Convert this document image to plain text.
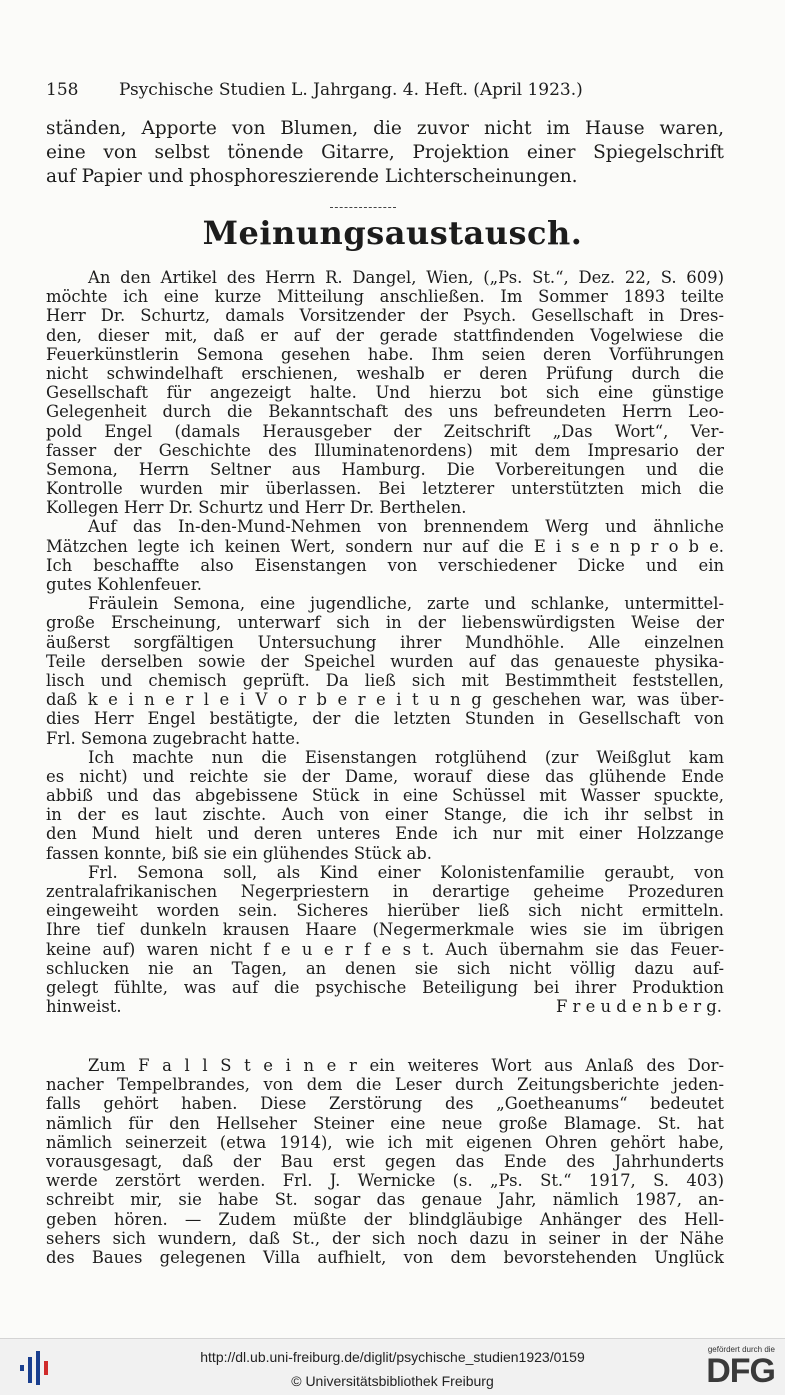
158 Psychische Studien L. Jahrgang. 4. Heft. (April 1923.)
ständen, Apporte von Blumen, die zuvor nicht im Hause waren,
eine von selbst tönende Gitarre, Projektion einer Spiegelschrift
auf Papier und phosphoreszierende Lichterscheinungen.
Meinungsaustausch.
An den Artikel des Herrn R. Dangel, Wien, („Ps. St.“, Dez. 22, S. 609)
möchte ich eine kurze Mitteilung anschließen. Im Sommer 1893 teilte
Herr Dr. Schurtz, damals Vorsitzender der Psych. Gesellschaft in Dres-
den, dieser mit, daß er auf der gerade stattfindenden Vogelwiese die
Feuerkünstlerin Semona gesehen habe. Ihm seien deren Vorführungen
nicht schwindelhaft erschienen, weshalb er deren Prüfung durch die
Gesellschaft für angezeigt halte. Und hierzu bot sich eine günstige
Gelegenheit durch die Bekanntschaft des uns befreundeten Herrn Leo-
pold Engel (damals Herausgeber der Zeitschrift „Das Wort“, Ver-
fasser der Geschichte des Illuminatenordens) mit dem Impresario der
Semona, Herrn Seltner aus Hamburg. Die Vorbereitungen und die
Kontrolle wurden mir überlassen. Bei letzterer unterstützten mich die
Kollegen Herr Dr. Schurtz und Herr Dr. Berthelen.
Auf das In-den-Mund-Nehmen von brennendem Werg und ähnliche
Mätzchen legte ich keinen Wert, sondern nur auf die E i s e n p r o b e.
Ich beschaffte also Eisenstangen von verschiedener Dicke und ein
gutes Kohlenfeuer.
Fräulein Semona, eine jugendliche, zarte und schlanke, untermittel-
große Erscheinung, unterwarf sich in der liebenswürdigsten Weise der
äußerst sorgfältigen Untersuchung ihrer Mundhöhle. Alle einzelnen
Teile derselben sowie der Speichel wurden auf das genaueste physika-
lisch und chemisch geprüft. Da ließ sich mit Bestimmtheit feststellen,
daß k e i n e r l e i V o r b e r e i t u n g geschehen war, was über-
dies Herr Engel bestätigte, der die letzten Stunden in Gesellschaft von
Frl. Semona zugebracht hatte.
Ich machte nun die Eisenstangen rotglühend (zur Weißglut kam
es nicht) und reichte sie der Dame, worauf diese das glühende Ende
abbiß und das abgebissene Stück in eine Schüssel mit Wasser spuckte,
in der es laut zischte. Auch von einer Stange, die ich ihr selbst in
den Mund hielt und deren unteres Ende ich nur mit einer Holzzange
fassen konnte, biß sie ein glühendes Stück ab.
Frl. Semona soll, als Kind einer Kolonistenfamilie geraubt, von
zentralafrikanischen Negerpriestern in derartige geheime Prozeduren
eingeweiht worden sein. Sicheres hierüber ließ sich nicht ermitteln.
Ihre tief dunkeln krausen Haare (Negermerkmale wies sie im übrigen
keine auf) waren nicht f e u e r f e s t. Auch übernahm sie das Feuer-
schlucken nie an Tagen, an denen sie sich nicht völlig dazu auf-
gelegt fühlte, was auf die psychische Beteiligung bei ihrer Produktion
hinweist.	F r e u d e n b e r g.
Zum F a l l S t e i n e r ein weiteres Wort aus Anlaß des Dor-
nacher Tempelbrandes, von dem die Leser durch Zeitungsberichte jeden-
falls gehört haben. Diese Zerstörung des „Goetheanums“ bedeutet
nämlich für den Hellseher Steiner eine neue große Blamage. St. hat
nämlich seinerzeit (etwa 1914), wie ich mit eigenen Ohren gehört habe,
vorausgesagt, daß der Bau erst gegen das Ende des Jahrhunderts
werde zerstört werden. Frl. J. Wernicke (s. „Ps. St.“ 1917, S. 403)
schreibt mir, sie habe St. sogar das genaue Jahr, nämlich 1987, an-
geben hören. — Zudem müßte der blindgläubige Anhänger des Hell-
sehers sich wundern, daß St., der sich noch dazu in seiner in der Nähe
des Baues gelegenen Villa aufhielt, von dem bevorstehenden Unglück
http://dl.ub.uni-freiburg.de/diglit/psychische_studien1923/0159
© Universitätsbibliothek Freiburg
gefördert durch die
DFG
